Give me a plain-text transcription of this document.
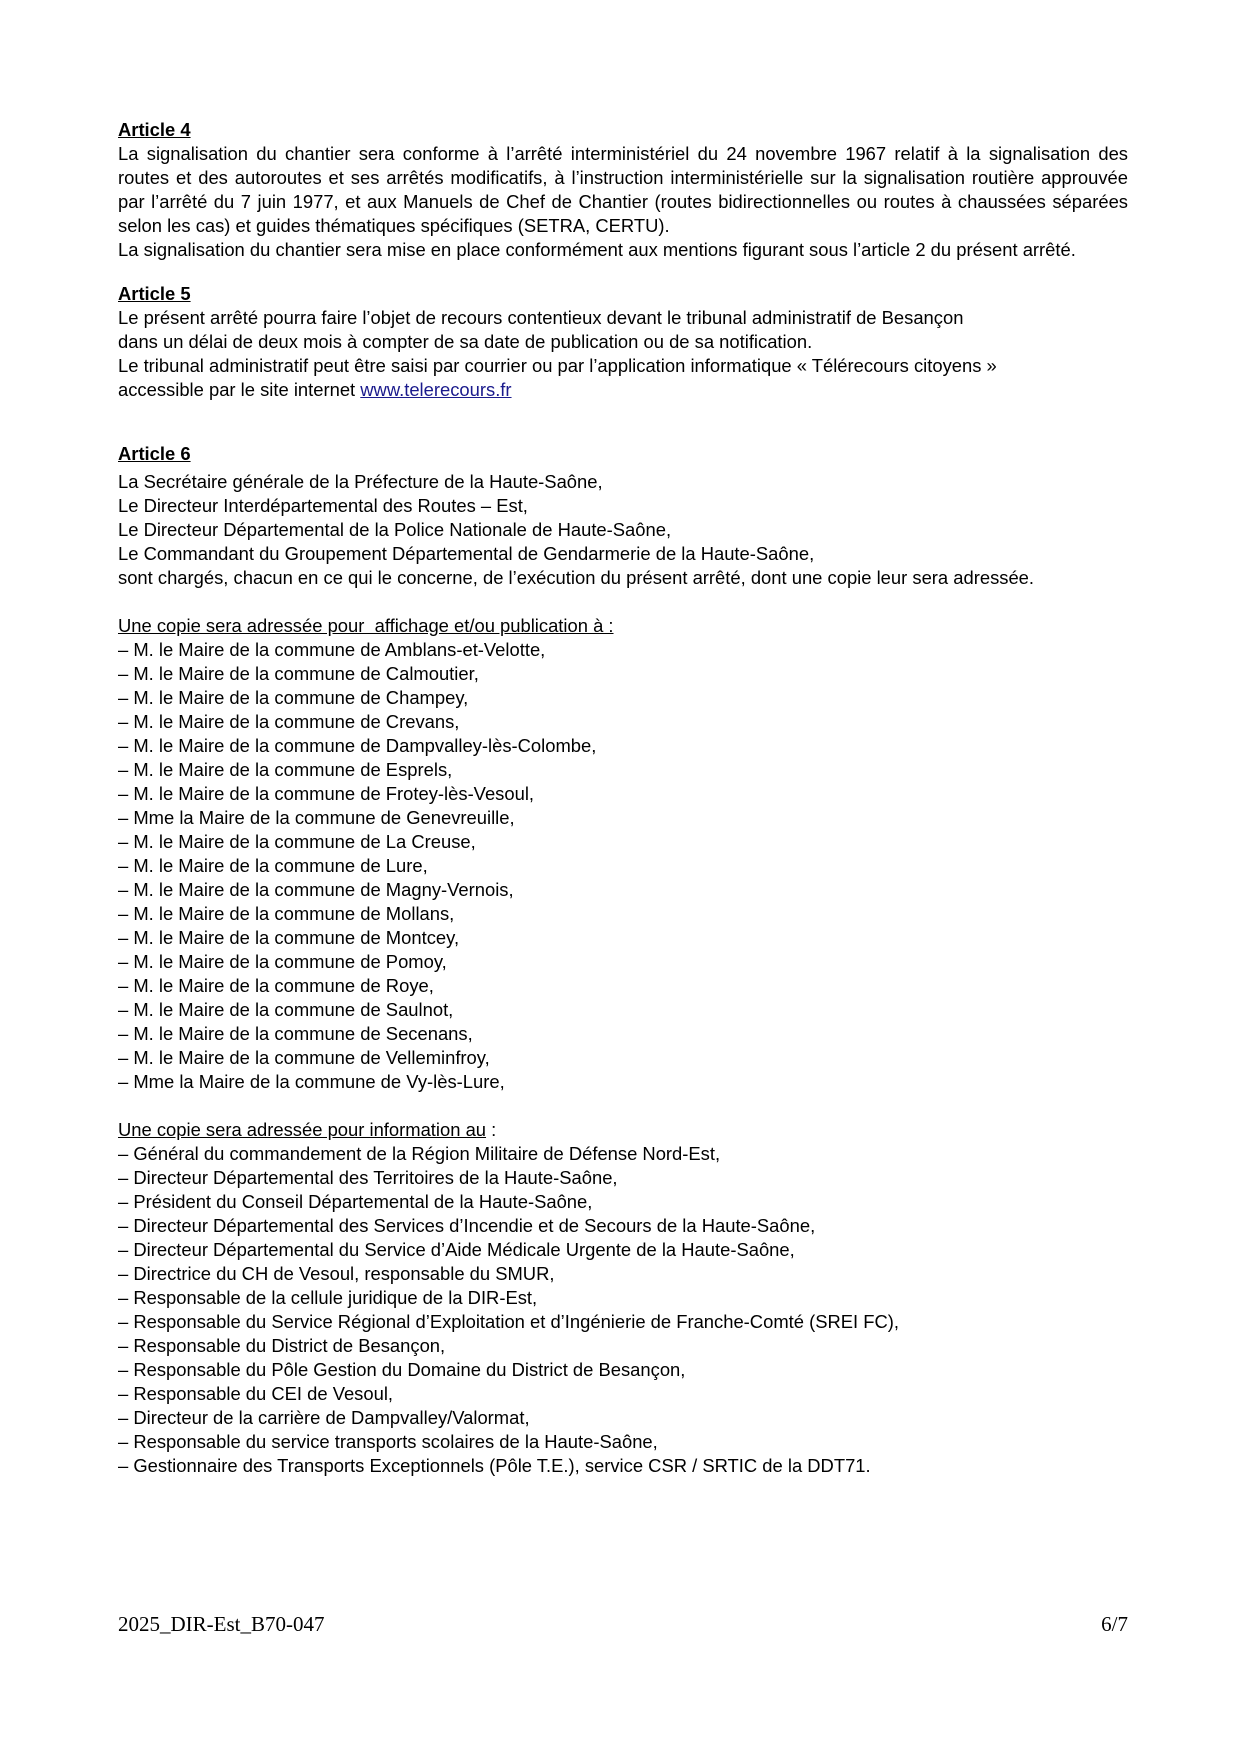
Article 4

La signalisation du chantier sera conforme à l’arrêté interministériel du 24 novembre 1967 relatif à la signalisation des routes et des autoroutes et ses arrêtés modificatifs, à l’instruction interministérielle sur la signalisation routière approuvée par l’arrêté du 7 juin 1977, et aux Manuels de Chef de Chantier (routes bidirectionnelles ou routes à chaussées séparées selon les cas) et guides thématiques spécifiques (SETRA, CERTU).

La signalisation du chantier sera mise en place conformément aux mentions figurant sous l’article 2 du présent arrêté.

Article 5

Le présent arrêté pourra faire l’objet de recours contentieux devant le tribunal administratif de Besançon

dans un délai de deux mois à compter de sa date de publication ou de sa notification.

Le tribunal administratif peut être saisi par courrier ou par l’application informatique « Télérecours citoyens »

accessible par le site internet www.telerecours.fr

Article 6

La Secrétaire générale de la Préfecture de la Haute-Saône,

Le Directeur Interdépartemental des Routes – Est,

Le Directeur Départemental de la Police Nationale de Haute-Saône,

Le Commandant du Groupement Départemental de Gendarmerie de la Haute-Saône,

sont chargés, chacun en ce qui le concerne, de l’exécution du présent arrêté, dont une copie leur sera adressée.

Une copie sera adressée pour  affichage et/ou publication à :

– M. le Maire de la commune de Amblans-et-Velotte,
– M. le Maire de la commune de Calmoutier,
– M. le Maire de la commune de Champey,
– M. le Maire de la commune de Crevans,
– M. le Maire de la commune de Dampvalley-lès-Colombe,
– M. le Maire de la commune de Esprels,
– M. le Maire de la commune de Frotey-lès-Vesoul,
– Mme la Maire de la commune de Genevreuille,
– M. le Maire de la commune de La Creuse,
– M. le Maire de la commune de Lure,
– M. le Maire de la commune de Magny-Vernois,
– M. le Maire de la commune de Mollans,
– M. le Maire de la commune de Montcey,
– M. le Maire de la commune de Pomoy,
– M. le Maire de la commune de Roye,
– M. le Maire de la commune de Saulnot,
– M. le Maire de la commune de Secenans,
– M. le Maire de la commune de Velleminfroy,
– Mme la Maire de la commune de Vy-lès-Lure,

Une copie sera adressée pour information au :

– Général du commandement de la Région Militaire de Défense Nord-Est,
– Directeur Départemental des Territoires de la Haute-Saône,
– Président du Conseil Départemental de la Haute-Saône,
– Directeur Départemental des Services d’Incendie et de Secours de la Haute-Saône,
– Directeur Départemental du Service d’Aide Médicale Urgente de la Haute-Saône,
– Directrice du CH de Vesoul, responsable du SMUR,
– Responsable de la cellule juridique de la DIR-Est,
– Responsable du Service Régional d’Exploitation et d’Ingénierie de Franche-Comté (SREI FC),
– Responsable du District de Besançon,
– Responsable du Pôle Gestion du Domaine du District de Besançon,
– Responsable du CEI de Vesoul,
– Directeur de la carrière de Dampvalley/Valormat,
– Responsable du service transports scolaires de la Haute-Saône,
– Gestionnaire des Transports Exceptionnels (Pôle T.E.), service CSR / SRTIC de la DDT71.
2025_DIR-Est_B70-047	6/7
